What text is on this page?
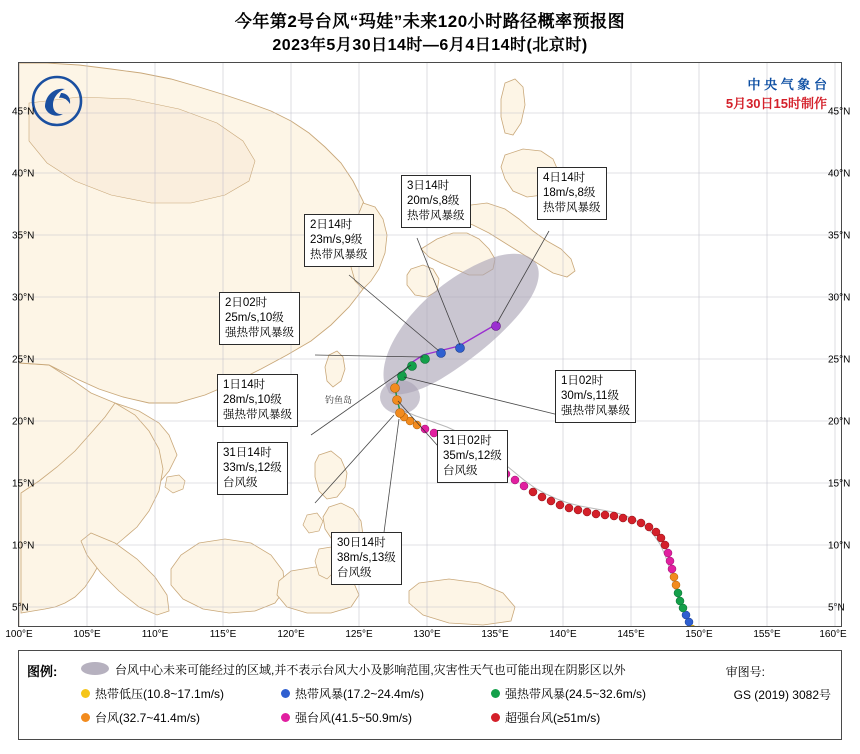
今年第2号台风“玛娃”未来120小时路径概率预报图
2023年5月30日14时—6月4日14时(北京时)
中 央 气 象 台
5月30日15时制作
钓鱼岛
4日14时
18m/s,8级
热带风暴级
3日14时
20m/s,8级
热带风暴级
2日14时
23m/s,9级
热带风暴级
2日02时
25m/s,10级
强热带风暴级
1日14时
28m/s,10级
强热带风暴级
1日02时
30m/s,11级
强热带风暴级
31日02时
35m/s,12级
台风级
31日14时
33m/s,12级
台风级
30日14时
38m/s,13级
台风级
45°N
40°N
35°N
30°N
25°N
20°N
15°N
10°N
5°N
45°N
40°N
35°N
30°N
25°N
20°N
15°N
10°N
5°N
100°E	105°E	110°E	115°E	120°E	125°E	130°E	135°E	140°E	145°E	150°E	155°E	160°E
图例:	台风中心未来可能经过的区域,并不表示台风大小及影响范围,灾害性天气也可能出现在阴影区以外
热带低压(10.8~17.1m/s)	热带风暴(17.2~24.4m/s)	强热带风暴(24.5~32.6m/s)
台风(32.7~41.4m/s)	强台风(41.5~50.9m/s)	超强台风(≥51m/s)
审图号:
GS (2019) 3082号
